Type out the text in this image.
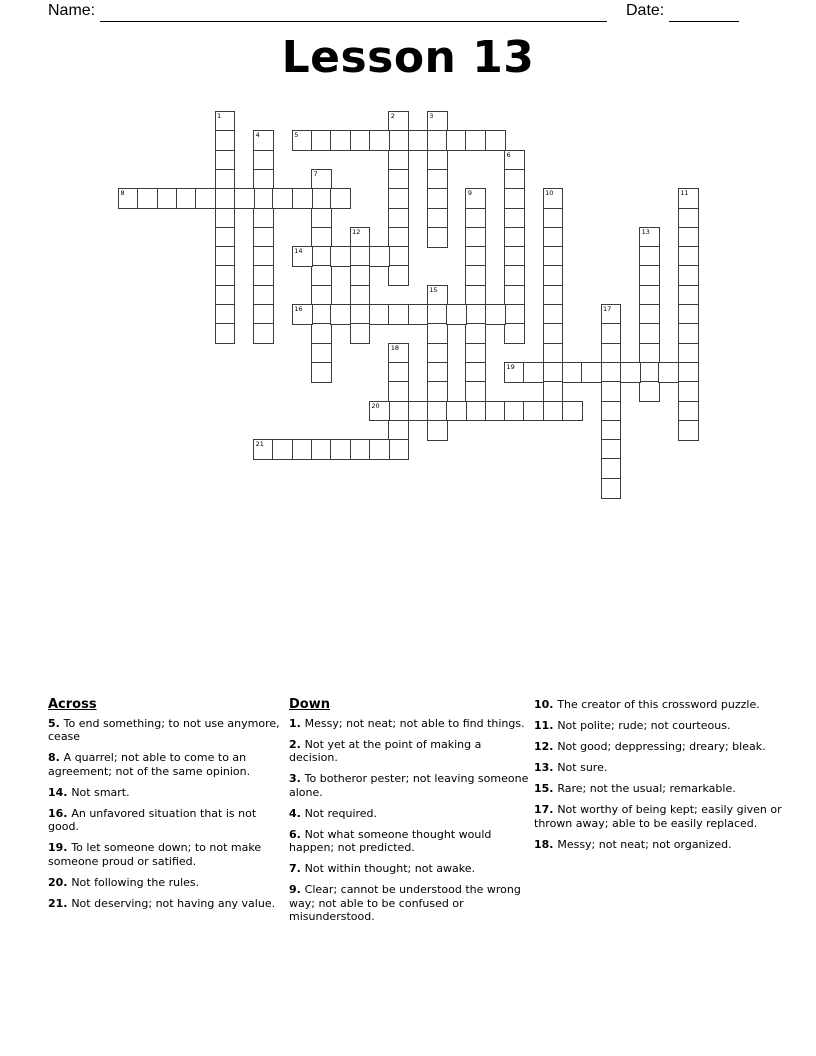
Name:	Date:
Lesson 13
1	2	3
4	5
6
7
8	9	10	11
12	13
14
15
16	17
18
19
20
21
Across

5. To end something; to not use anymore, cease

8. A quarrel; not able to come to an agreement; not of the same opinion.

14. Not smart.

16. An unfavored situation that is not good.

19. To let someone down; to not make someone proud or satified.

20. Not following the rules.

21. Not deserving; not having any value.

Down

1. Messy; not neat; not able to find things.

2. Not yet at the point of making a decision.

3. To botheror pester; not leaving someone alone.

4. Not required.

6. Not what someone thought would happen; not predicted.

7. Not within thought; not awake.

9. Clear; cannot be understood the wrong way; not able to be confused or misunderstood.

10. The creator of this crossword puzzle.

11. Not polite; rude; not courteous.

12. Not good; deppressing; dreary; bleak.

13. Not sure.

15. Rare; not the usual; remarkable.

17. Not worthy of being kept; easily given or thrown away; able to be easily replaced.

18. Messy; not neat; not organized.
